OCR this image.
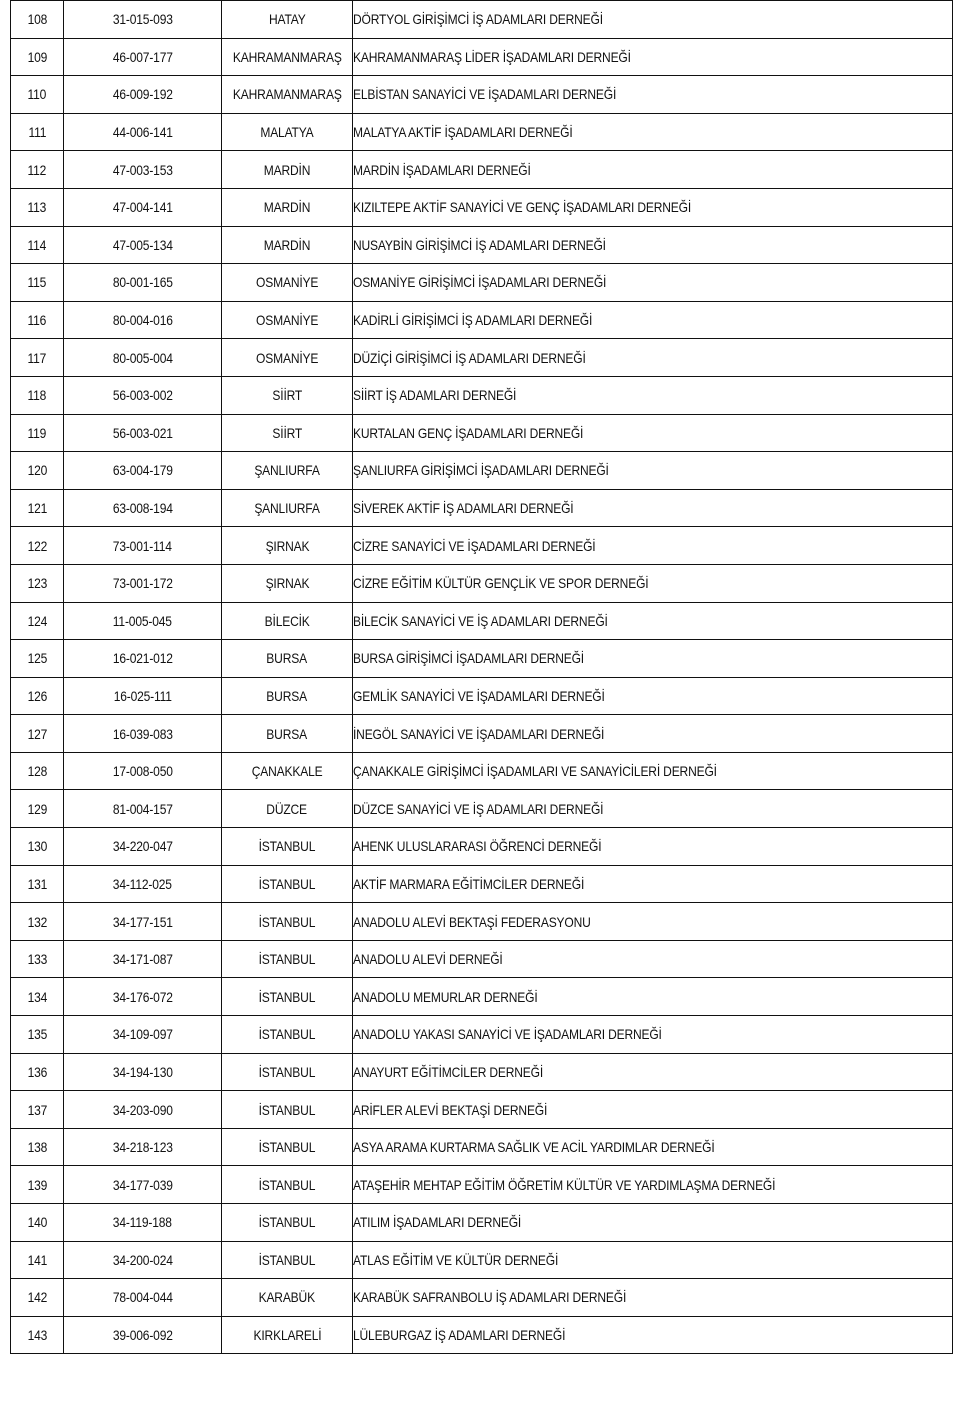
108	31-015-093	HATAY	DÖRTYOL GİRİŞİMCİ İŞ ADAMLARI DERNEĞİ
109	46-007-177	KAHRAMANMARAŞ	KAHRAMANMARAŞ LİDER İŞADAMLARI DERNEĞİ
110	46-009-192	KAHRAMANMARAŞ	ELBİSTAN SANAYİCİ VE İŞADAMLARI DERNEĞİ
111	44-006-141	MALATYA	MALATYA AKTİF İŞADAMLARI DERNEĞİ
112	47-003-153	MARDİN	MARDİN İŞADAMLARI DERNEĞİ
113	47-004-141	MARDİN	KIZILTEPE AKTİF SANAYİCİ VE GENÇ İŞADAMLARI DERNEĞİ
114	47-005-134	MARDİN	NUSAYBİN GİRİŞİMCİ İŞ ADAMLARI DERNEĞİ
115	80-001-165	OSMANİYE	OSMANİYE GİRİŞİMCİ İŞADAMLARI DERNEĞİ
116	80-004-016	OSMANİYE	KADİRLİ GİRİŞİMCİ İŞ ADAMLARI DERNEĞİ
117	80-005-004	OSMANİYE	DÜZİÇİ GİRİŞİMCİ İŞ ADAMLARI DERNEĞİ
118	56-003-002	SİİRT	SİİRT İŞ ADAMLARI DERNEĞİ
119	56-003-021	SİİRT	KURTALAN GENÇ İŞADAMLARI DERNEĞİ
120	63-004-179	ŞANLIURFA	ŞANLIURFA GİRİŞİMCİ İŞADAMLARI DERNEĞİ
121	63-008-194	ŞANLIURFA	SİVEREK AKTİF İŞ ADAMLARI DERNEĞİ
122	73-001-114	ŞIRNAK	CİZRE SANAYİCİ VE İŞADAMLARI DERNEĞİ
123	73-001-172	ŞIRNAK	CİZRE EĞİTİM KÜLTÜR GENÇLİK VE SPOR DERNEĞİ
124	11-005-045	BİLECİK	BİLECİK SANAYİCİ VE İŞ ADAMLARI DERNEĞİ
125	16-021-012	BURSA	BURSA GİRİŞİMCİ İŞADAMLARI DERNEĞİ
126	16-025-111	BURSA	GEMLİK SANAYİCİ VE İŞADAMLARI DERNEĞİ
127	16-039-083	BURSA	İNEGÖL SANAYİCİ VE İŞADAMLARI DERNEĞİ
128	17-008-050	ÇANAKKALE	ÇANAKKALE GİRİŞİMCİ İŞADAMLARI VE SANAYİCİLERİ DERNEĞİ
129	81-004-157	DÜZCE	DÜZCE SANAYİCİ VE İŞ ADAMLARI DERNEĞİ
130	34-220-047	İSTANBUL	AHENK ULUSLARARASI ÖĞRENCİ DERNEĞİ
131	34-112-025	İSTANBUL	AKTİF MARMARA EĞİTİMCİLER DERNEĞİ
132	34-177-151	İSTANBUL	ANADOLU ALEVİ BEKTAŞİ FEDERASYONU
133	34-171-087	İSTANBUL	ANADOLU ALEVİ DERNEĞİ
134	34-176-072	İSTANBUL	ANADOLU MEMURLAR DERNEĞİ
135	34-109-097	İSTANBUL	ANADOLU YAKASI SANAYİCİ VE İŞADAMLARI DERNEĞİ
136	34-194-130	İSTANBUL	ANAYURT EĞİTİMCİLER DERNEĞİ
137	34-203-090	İSTANBUL	ARİFLER ALEVİ BEKTAŞİ DERNEĞİ
138	34-218-123	İSTANBUL	ASYA ARAMA KURTARMA SAĞLIK VE ACİL YARDIMLAR DERNEĞİ
139	34-177-039	İSTANBUL	ATAŞEHİR MEHTAP EĞİTİM ÖĞRETİM KÜLTÜR VE YARDIMLAŞMA DERNEĞİ
140	34-119-188	İSTANBUL	ATILIM İŞADAMLARI DERNEĞİ
141	34-200-024	İSTANBUL	ATLAS EĞİTİM VE KÜLTÜR DERNEĞİ
142	78-004-044	KARABÜK	KARABÜK SAFRANBOLU İŞ ADAMLARI DERNEĞİ
143	39-006-092	KIRKLARELİ	LÜLEBURGAZ İŞ ADAMLARI DERNEĞİ
